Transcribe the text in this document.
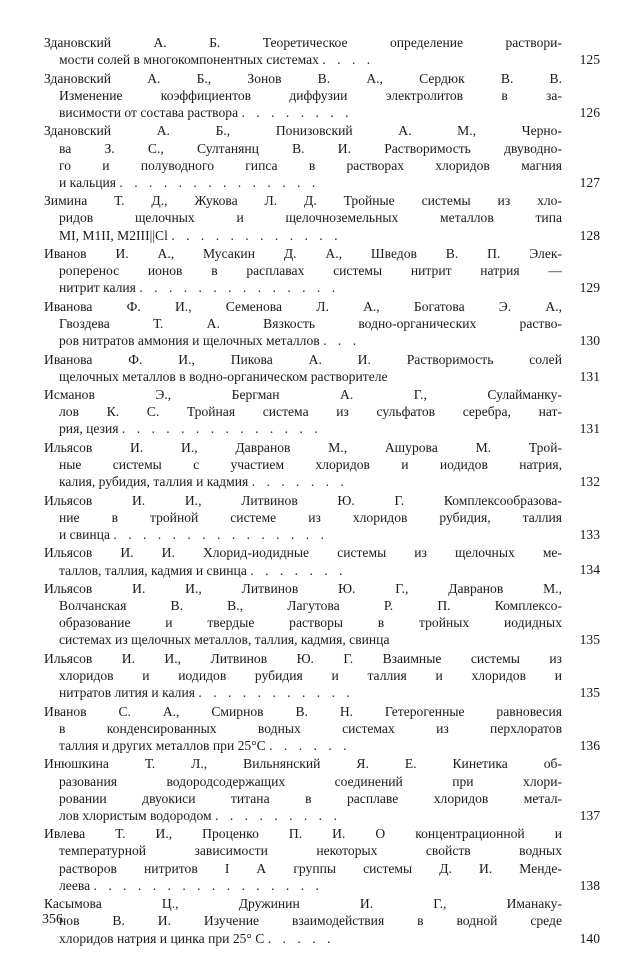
Здановский А. Б. Теоретическое определение раствори-
мости солей в многокомпонентных системах . . . .	125
Здановский А. Б., Зонов В. А., Сердюк В. В.
Изменение коэффициентов диффузии электролитов в за-
висимости от состава раствора . . . . . . . .	126
Здановский А. Б., Понизовский А. М., Черно-
ва З. С., Султанянц В. И. Растворимость двуводно-
го и полуводного гипса в растворах хлоридов магния
и кальция . . . . . . . . . . . . . .	127
Зимина Т. Д., Жукова Л. Д. Тройные системы из хло-
ридов щелочных и щелочноземельных металлов типа
MI, M1II, M2III||Cl . . . . . . . . . . . .	128
Иванов И. А., Мусакин Д. А., Шведов В. П. Элек-
роперенос ионов в расплавах системы нитрит натрия —
нитрит калия . . . . . . . . . . . . . .	129
Иванова Ф. И., Семенова Л. А., Богатова Э. А.,
Гвоздева Т. А. Вязкость водно-органических раство-
ров нитратов аммония и щелочных металлов . . .	130
Иванова Ф. И., Пикова А. И. Растворимость солей
щелочных металлов в водно-органическом растворителе	131
Исманов Э., Бергман А. Г., Сулайманку-
лов К. С. Тройная система из сульфатов серебра, нат-
рия, цезия . . . . . . . . . . . . . .	131
Ильясов И. И., Давранов М., Ашурова М. Трой-
ные системы с участием хлоридов и иодидов натрия,
калия, рубидия, таллия и кадмия . . . . . . .	132
Ильясов И. И., Литвинов Ю. Г. Комплексообразова-
ние в тройной системе из хлоридов рубидия, таллия
и свинца . . . . . . . . . . . . . . .	133
Ильясов И. И. Хлорид-иодидные системы из щелочных ме-
таллов, таллия, кадмия и свинца . . . . . . .	134
Ильясов И. И., Литвинов Ю. Г., Давранов М.,
Волчанская В. В., Лагутова Р. П. Комплексо-
образование и твердые растворы в тройных иодидных
системах из щелочных металлов, таллия, кадмия, свинца	135
Ильясов И. И., Литвинов Ю. Г. Взаимные системы из
хлоридов и иодидов рубидия и таллия и хлоридов и
нитратов лития и калия . . . . . . . . . . .	135
Иванов С. А., Смирнов В. Н. Гетерогенные равновесия
в конденсированных водных системах из перхлоратов
таллия и других металлов при 25°C . . . . . .	136
Инюшкина Т. Л., Вильнянский Я. Е. Кинетика об-
разования водородсодержащих соединений при хлори-
ровании двуокиси титана в расплаве хлоридов метал-
лов хлористым водородом . . . . . . . . .	137
Ивлева Т. И., Проценко П. И. О концентрационной и
температурной зависимости некоторых свойств водных
растворов нитритов I А группы системы Д. И. Менде-
леева . . . . . . . . . . . . . . . .	138
Касымова Ц., Дружинин И. Г., Иманаку-
нов В. И. Изучение взаимодействия в водной среде
хлоридов натрия и цинка при 25° C . . . . .	140
356
